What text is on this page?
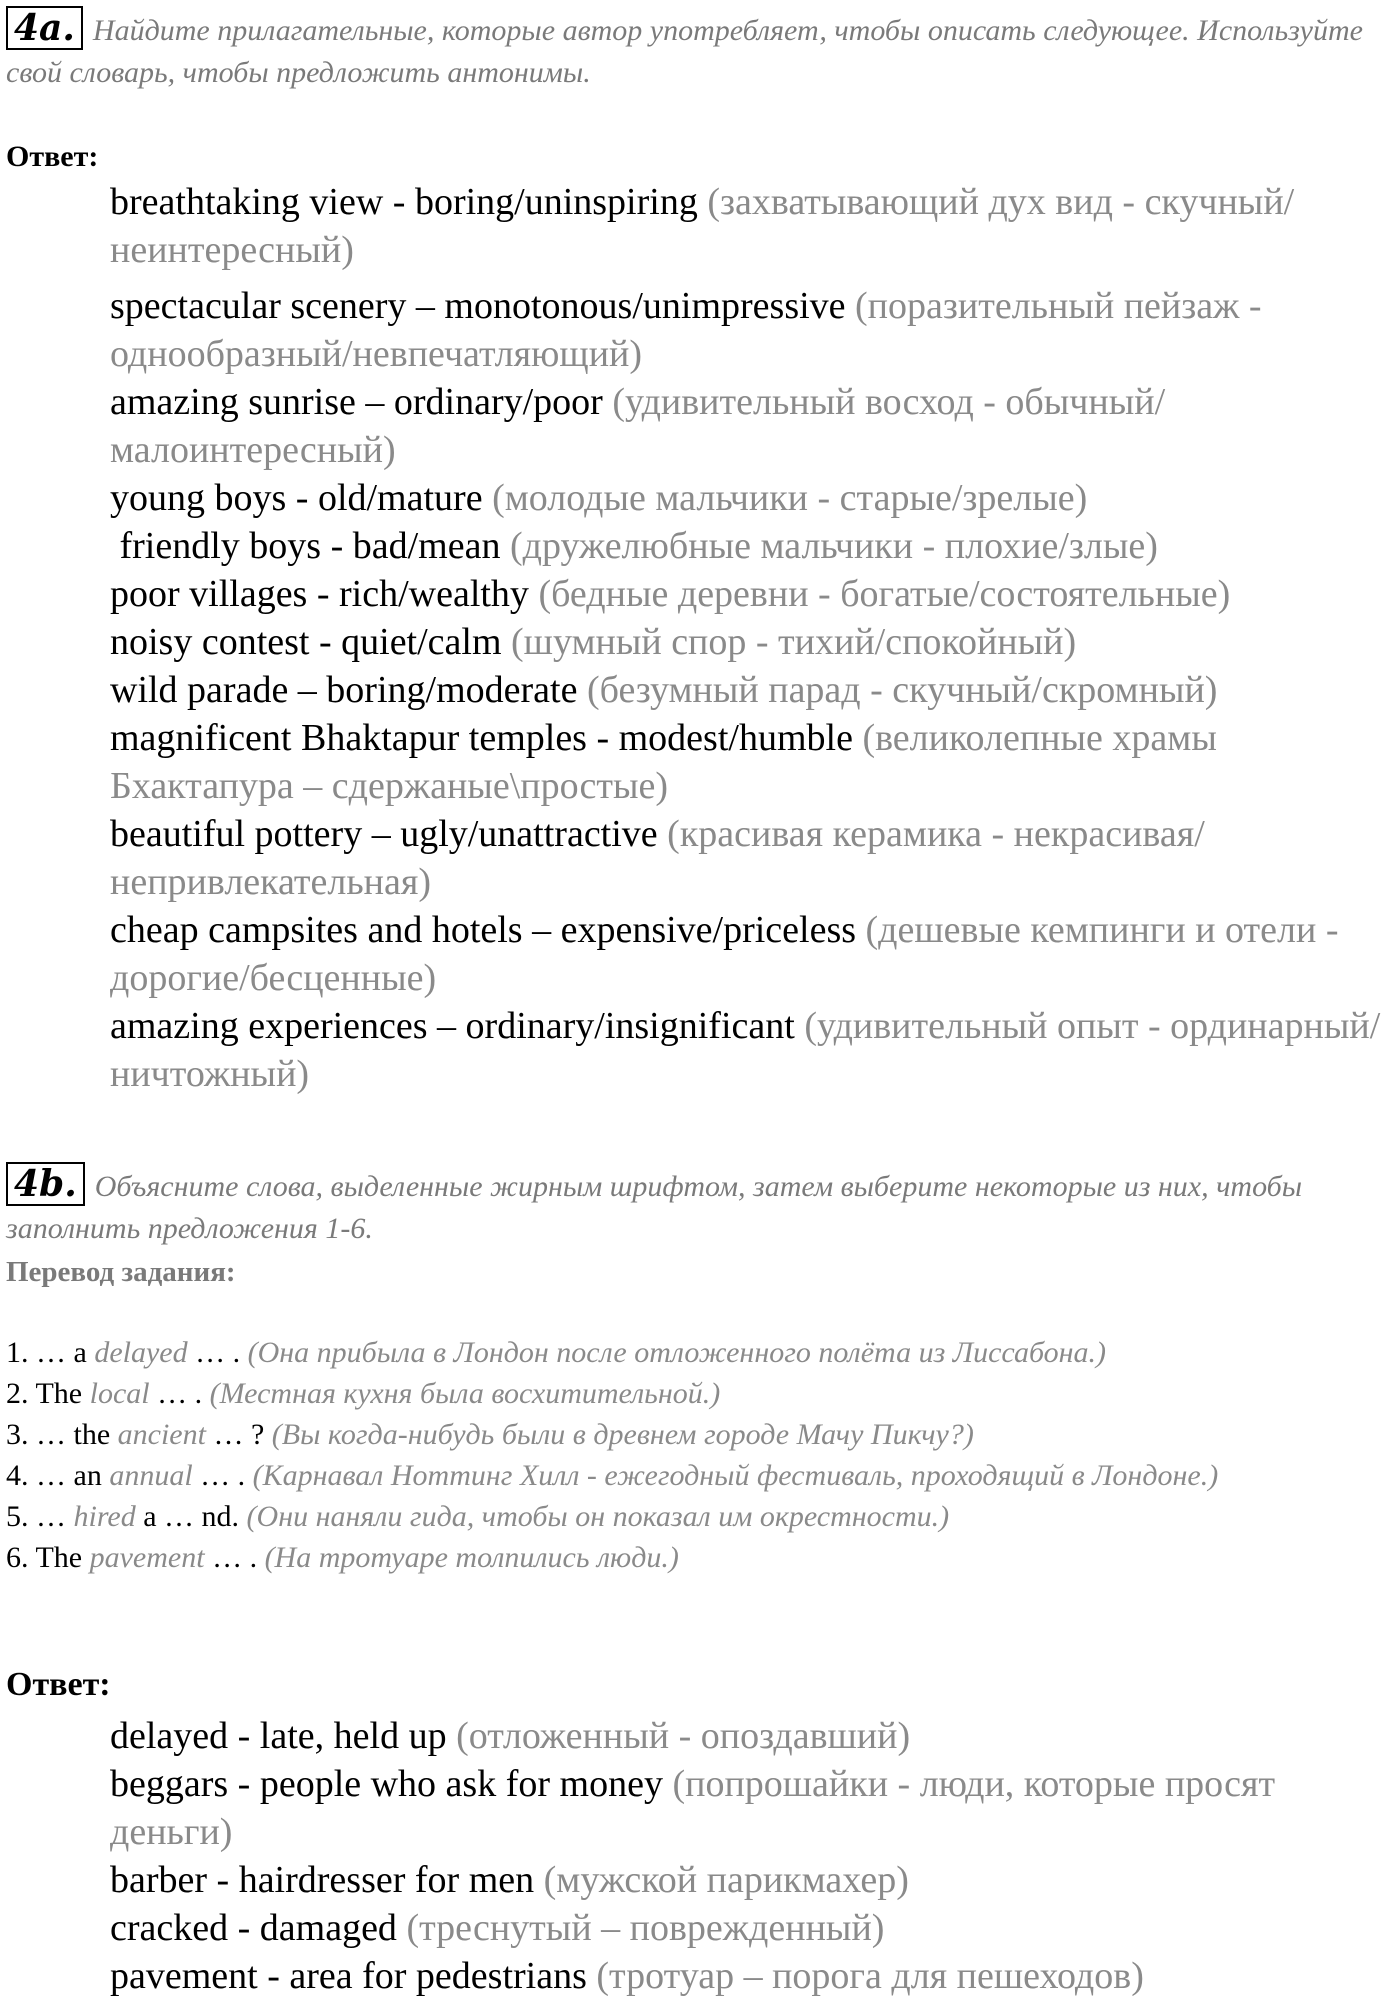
4a. Найдите прилагательные, которые автор употребляет, чтобы описать следующее. Используйте свой словарь, чтобы предложить антонимы.
Ответ:

breathtaking view - boring/uninspiring (захватывающий дух вид - скучный/неинтересный)

spectacular scenery – monotonous/unimpressive (поразительный пейзаж - однообразный/невпечатляющий)

amazing sunrise – ordinary/poor (удивительный восход - обычный/малоинтересный)

young boys - old/mature (молодые мальчики - старые/зрелые)

friendly boys - bad/mean (дружелюбные мальчики - плохие/злые)

poor villages - rich/wealthy (бедные деревни - богатые/состоятельные)

noisy contest - quiet/calm (шумный спор - тихий/спокойный)

wild parade – boring/moderate (безумный парад - скучный/скромный)

magnificent Bhaktapur temples - modest/humble (великолепные храмы Бхактапура – сдержаные\простые)

beautiful pottery – ugly/unattractive (красивая керамика - некрасивая/непривлекательная)

cheap campsites and hotels – expensive/priceless (дешевые кемпинги и отели - дорогие/бесценные)

amazing experiences – ordinary/insignificant (удивительный опыт - ординарный/ничтожный)

4b. Объясните слова, выделенные жирным шрифтом, затем выберите некоторые из них, чтобы заполнить предложения 1-6.
Перевод задания:

1. … a delayed … . (Она прибыла в Лондон после отложенного полёта из Лиссабона.)

2. The local … . (Местная кухня была восхитительной.)

3. … the ancient … ? (Вы когда-нибудь были в древнем городе Мачу Пикчу?)

4. … an annual … . (Карнавал Ноттинг Хилл - ежегодный фестиваль, проходящий в Лондоне.)

5. … hired a … nd. (Они наняли гида, чтобы он показал им окрестности.)

6. The pavement … . (На тротуаре толпились люди.)

Ответ:

delayed - late, held up (отложенный - опоздавший)

beggars - people who ask for money (попрошайки - люди, которые просят деньги)

barber - hairdresser for men (мужской парикмахер)

cracked - damaged (треснутый – поврежденный)

pavement - area for pedestrians (тротуар – порога для пешеходов)
